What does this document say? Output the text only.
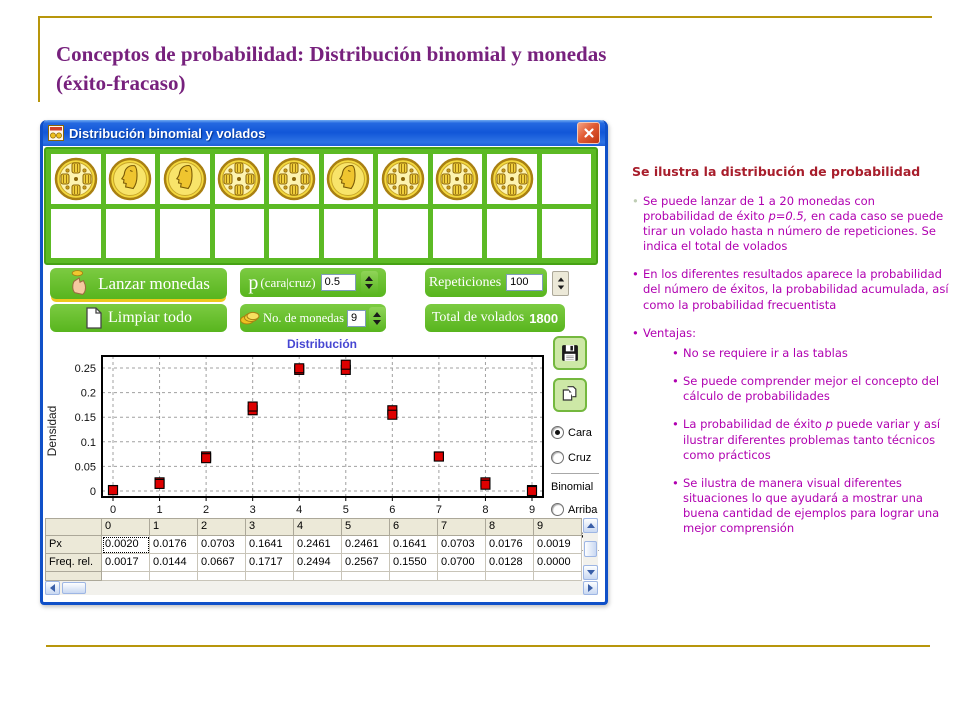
Conceptos de probabilidad: Distribución binomial y monedas
(éxito-fracaso)
Distribución binomial y volados
Lanzar monedas p (cara|cruz) 0.5	Repeticiones 100
Limpiar todo	No. de monedas 9	Total de volados 1800
Distribución
Densidad
0
0.05
0.1
0.15
0.2
0.25
0	1	2	3	4	5	6	7	8	9
Cara
Cruz
Binomial
Arriba
0	1	2	3	4	5	6	7	8	9
Px	0.0020	0.0176	0.0703	0.1641	0.2461	0.2461	0.1641	0.0703	0.0176	0.0019
Freq. rel.	0.0017	0.0144	0.0667	0.1717	0.2494	0.2567	0.1550	0.0700	0.0128	0.0000
Se ilustra la distribución de probabilidad
• Se puede lanzar de 1 a 20 monedas con probabilidad de éxito p=0.5, en cada caso se puede tirar un volado hasta n número de repeticiones. Se indica el total de volados
• En los diferentes resultados aparece la probabilidad del número de éxitos, la probabilidad acumulada, así como la probabilidad frecuentista
• Ventajas:
• No se requiere ir a las tablas
• Se puede comprender mejor el concepto del cálculo de probabilidades
• La probabilidad de éxito p puede variar y así ilustrar diferentes problemas tanto técnicos como prácticos
• Se ilustra de manera visual diferentes situaciones lo que ayudará a mostrar una buena cantidad de ejemplos para lograr una mejor comprensión
